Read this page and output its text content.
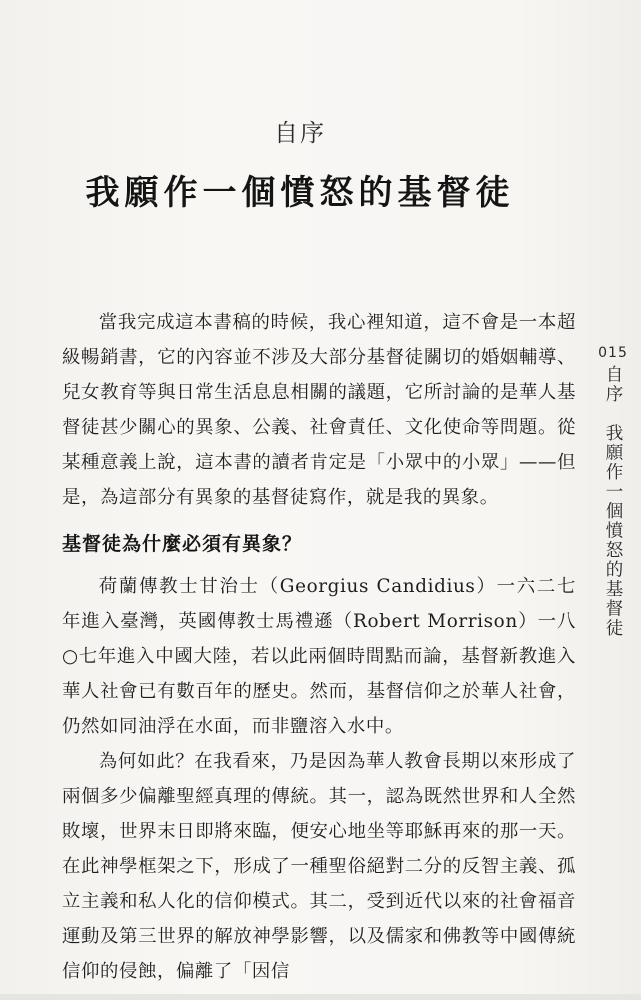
自序
我願作一個憤怒的基督徒

當我完成這本書稿的時候，我心裡知道，這不會是一本超級暢銷書，它的內容並不涉及大部分基督徒關切的婚姻輔導、兒女教育等與日常生活息息相關的議題，它所討論的是華人基督徒甚少關心的異象、公義、社會責任、文化使命等問題。從某種意義上說，這本書的讀者肯定是「小眾中的小眾」——但是，為這部分有異象的基督徒寫作，就是我的異象。

基督徒為什麼必須有異象？

荷蘭傳教士甘治士（Georgius Candidius）一六二七年進入臺灣，英國傳教士馬禮遜（Robert Morrison）一八○七年進入中國大陸，若以此兩個時間點而論，基督新教進入華人社會已有數百年的歷史。然而，基督信仰之於華人社會，仍然如同油浮在水面，而非鹽溶入水中。

為何如此？在我看來，乃是因為華人教會長期以來形成了兩個多少偏離聖經真理的傳統。其一，認為既然世界和人全然敗壞，世界末日即將來臨，便安心地坐等耶穌再來的那一天。在此神學框架之下，形成了一種聖俗絕對二分的反智主義、孤立主義和私人化的信仰模式。其二，受到近代以來的社會福音運動及第三世界的解放神學影響，以及儒家和佛教等中國傳統信仰的侵蝕，偏離了「因信

015
自序　我願作一個憤怒的基督徒
